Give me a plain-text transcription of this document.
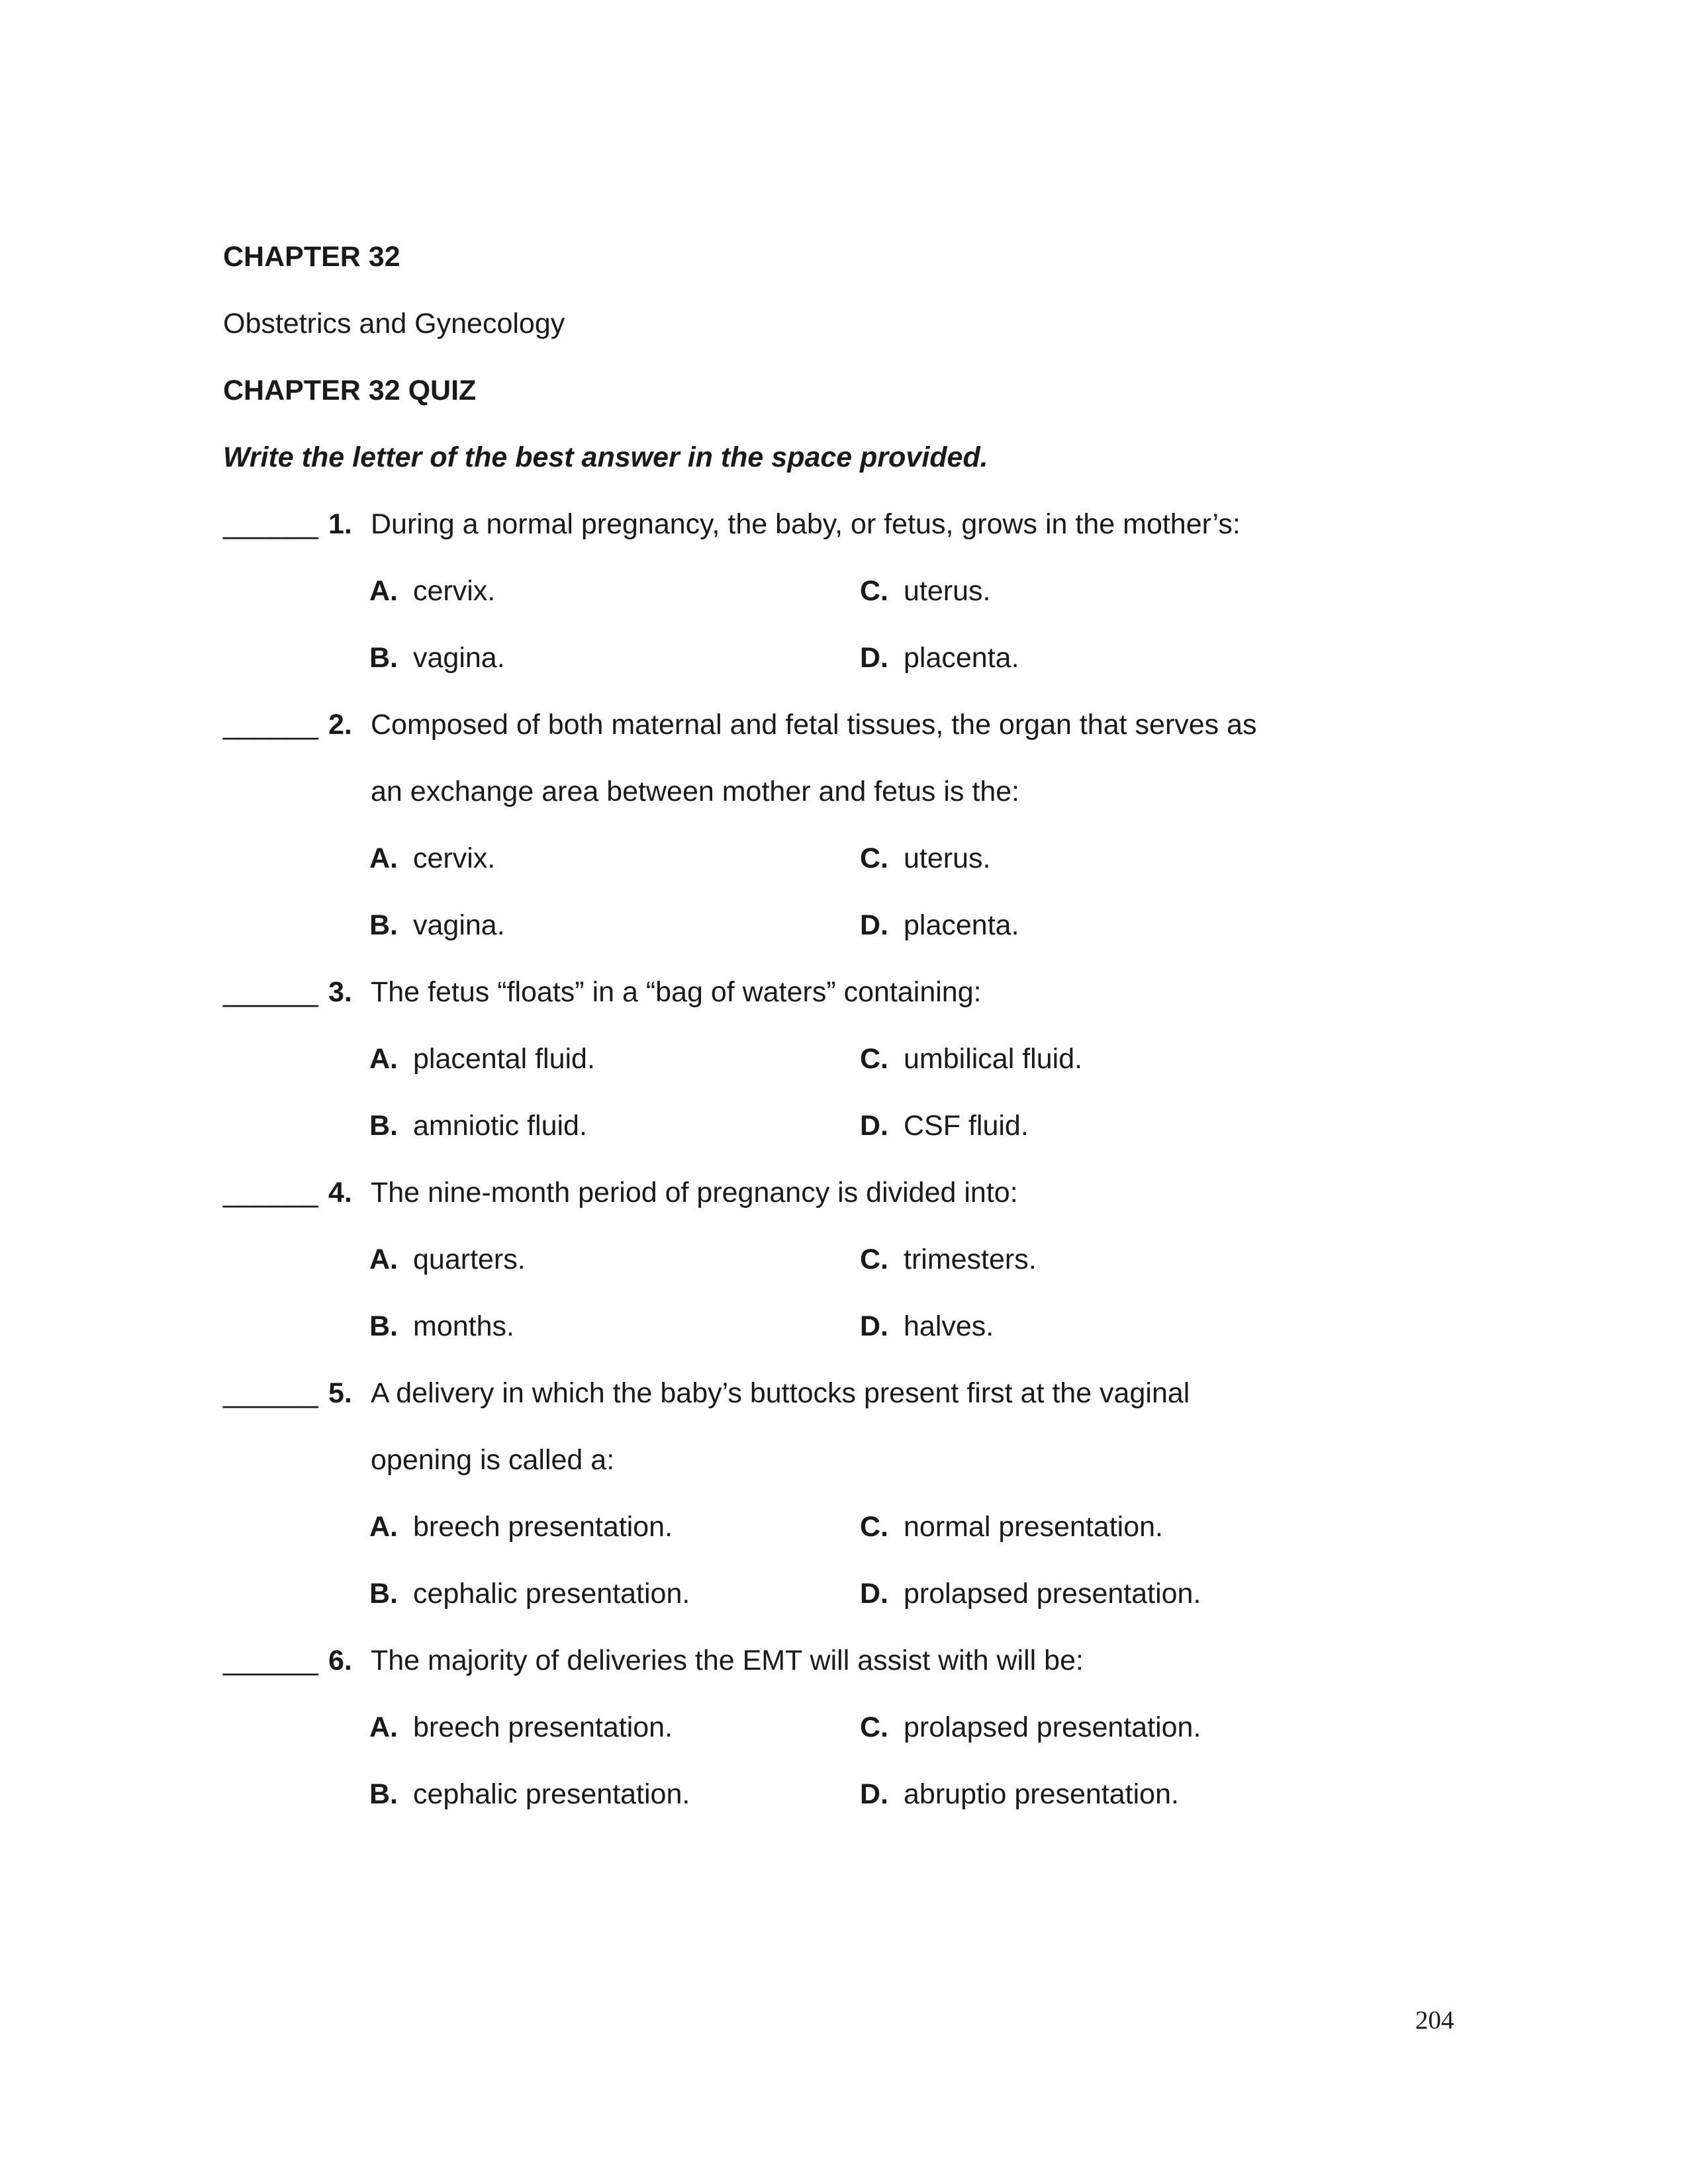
CHAPTER 32
Obstetrics and Gynecology
CHAPTER 32 QUIZ
Write the letter of the best answer in the space provided.
______ 1. During a normal pregnancy, the baby, or fetus, grows in the mother’s:
A. cervix.	C. uterus.
B. vagina.	D. placenta.
______ 2. Composed of both maternal and fetal tissues, the organ that serves as
an exchange area between mother and fetus is the:
A. cervix.	C. uterus.
B. vagina.	D. placenta.
______ 3. The fetus “floats” in a “bag of waters” containing:
A. placental fluid.	C. umbilical fluid.
B. amniotic fluid.	D. CSF fluid.
______ 4. The nine-month period of pregnancy is divided into:
A. quarters.	C. trimesters.
B. months.	D. halves.
______ 5. A delivery in which the baby’s buttocks present first at the vaginal
opening is called a:
A. breech presentation.	C. normal presentation.
B. cephalic presentation.	D. prolapsed presentation.
______ 6. The majority of deliveries the EMT will assist with will be:
A. breech presentation.	C. prolapsed presentation.
B. cephalic presentation.	D. abruptio presentation.
204
